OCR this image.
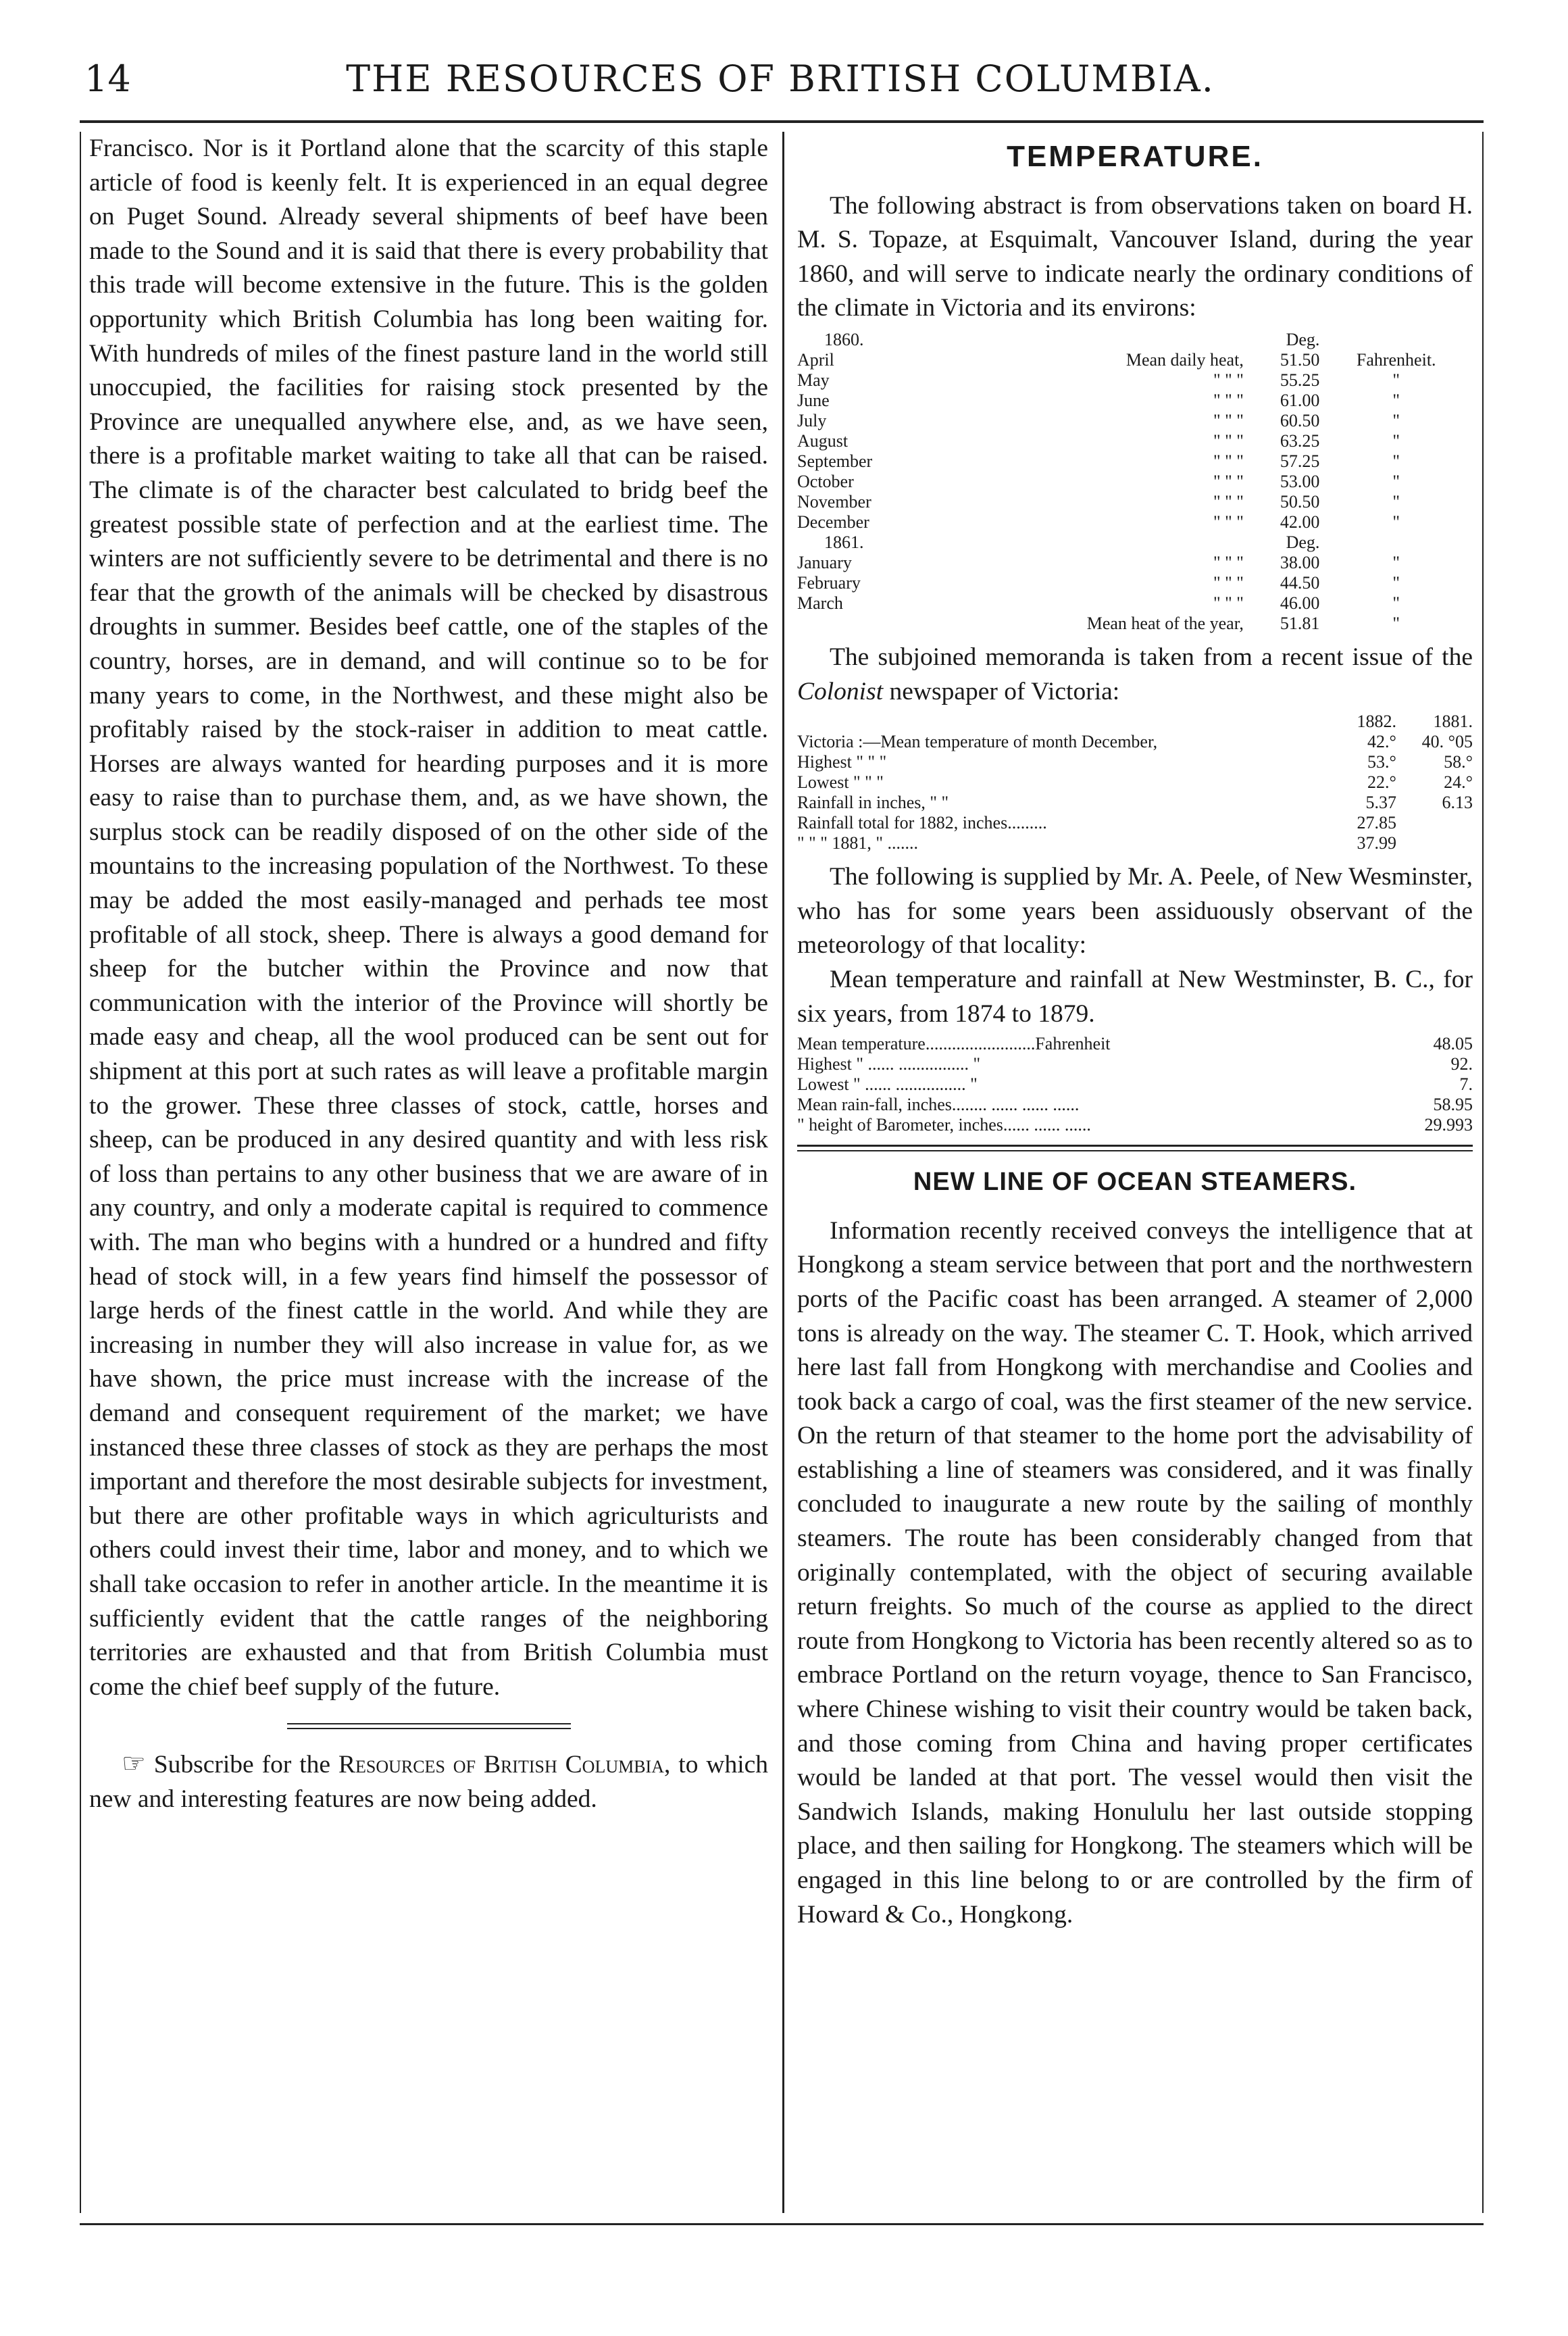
14	THE RESOURCES OF BRITISH COLUMBIA.

Francisco. Nor is it Portland alone that the scarcity of this staple article of food is keenly felt. It is experienced in an equal degree on Puget Sound. Already several shipments of beef have been made to the Sound and it is said that there is every probability that this trade will become extensive in the future. This is the golden opportunity which British Columbia has long been waiting for. With hundreds of miles of the finest pasture land in the world still unoccupied, the facilities for raising stock presented by the Province are unequalled anywhere else, and, as we have seen, there is a profitable market waiting to take all that can be raised. The climate is of the character best calculated to bridg beef the greatest possible state of perfection and at the earliest time. The winters are not sufficiently severe to be detrimental and there is no fear that the growth of the animals will be checked by disastrous droughts in summer. Besides beef cattle, one of the staples of the country, horses, are in demand, and will continue so to be for many years to come, in the Northwest, and these might also be profitably raised by the stock-raiser in addition to meat cattle. Horses are always wanted for hearding purposes and it is more easy to raise than to purchase them, and, as we have shown, the surplus stock can be readily disposed of on the other side of the mountains to the increasing population of the Northwest. To these may be added the most easily-managed and perhads tee most profitable of all stock, sheep. There is always a good demand for sheep for the butcher within the Province and now that communication with the interior of the Province will shortly be made easy and cheap, all the wool produced can be sent out for shipment at this port at such rates as will leave a profitable margin to the grower. These three classes of stock, cattle, horses and sheep, can be produced in any desired quantity and with less risk of loss than pertains to any other business that we are aware of in any country, and only a moderate capital is required to commence with. The man who begins with a hundred or a hundred and fifty head of stock will, in a few years find himself the possessor of large herds of the finest cattle in the world. And while they are increasing in number they will also increase in value for, as we have shown, the price must increase with the increase of the demand and consequent requirement of the market; we have instanced these three classes of stock as they are perhaps the most important and therefore the most desirable subjects for investment, but there are other profitable ways in which agriculturists and others could invest their time, labor and money, and to which we shall take occasion to refer in another article. In the meantime it is sufficiently evident that the cattle ranges of the neighboring territories are exhausted and that from British Columbia must come the chief beef supply of the future.

☞ Subscribe for the Resources of British Columbia, to which new and interesting features are now being added.

TEMPERATURE.

The following abstract is from observations taken on board H. M. S. Topaze, at Esquimalt, Vancouver Island, during the year 1860, and will serve to indicate nearly the ordinary conditions of the climate in Victoria and its environs:

1860.		Deg.	
April	Mean daily heat,	51.50	Fahrenheit.
May	" " "	55.25	"
June	" " "	61.00	"
July	" " "	60.50	"
August	" " "	63.25	"
September	" " "	57.25	"
October	" " "	53.00	"
November	" " "	50.50	"
December	" " "	42.00	"
1861.		Deg.	
January	" " "	38.00	"
February	" " "	44.50	"
March	" " "	46.00	"
	Mean heat of the year,	51.81	"

The subjoined memoranda is taken from a recent issue of the Colonist newspaper of Victoria:

	1882.	1881.
Victoria :—Mean temperature of month December,	42.°	40. °05
Highest " " "	53.°	58.°
Lowest " " "	22.°	24.°
Rainfall in inches, " "	5.37	6.13
Rainfall total for 1882, inches.........	27.85	
" " " 1881, " .......	37.99	

The following is supplied by Mr. A. Peele, of New Wesminster, who has for some years been assiduously observant of the meteorology of that locality:

Mean temperature and rainfall at New Westminster, B. C., for six years, from 1874 to 1879.

Mean temperature.........................Fahrenheit	48.05
Highest " ...... ................ "	92.
Lowest " ...... ................ "	7.
Mean rain-fall, inches........ ...... ...... ......	58.95
" height of Barometer, inches...... ...... ......	29.993
NEW LINE OF OCEAN STEAMERS.

Information recently received conveys the intelligence that at Hongkong a steam service between that port and the northwestern ports of the Pacific coast has been arranged. A steamer of 2,000 tons is already on the way. The steamer C. T. Hook, which arrived here last fall from Hongkong with merchandise and Coolies and took back a cargo of coal, was the first steamer of the new service. On the return of that steamer to the home port the advisability of establishing a line of steamers was considered, and it was finally concluded to inaugurate a new route by the sailing of monthly steamers. The route has been considerably changed from that originally contemplated, with the object of securing available return freights. So much of the course as applied to the direct route from Hongkong to Victoria has been recently altered so as to embrace Portland on the return voyage, thence to San Francisco, where Chinese wishing to visit their country would be taken back, and those coming from China and having proper certificates would be landed at that port. The vessel would then visit the Sandwich Islands, making Honululu her last outside stopping place, and then sailing for Hongkong. The steamers which will be engaged in this line belong to or are controlled by the firm of Howard & Co., Hongkong.
